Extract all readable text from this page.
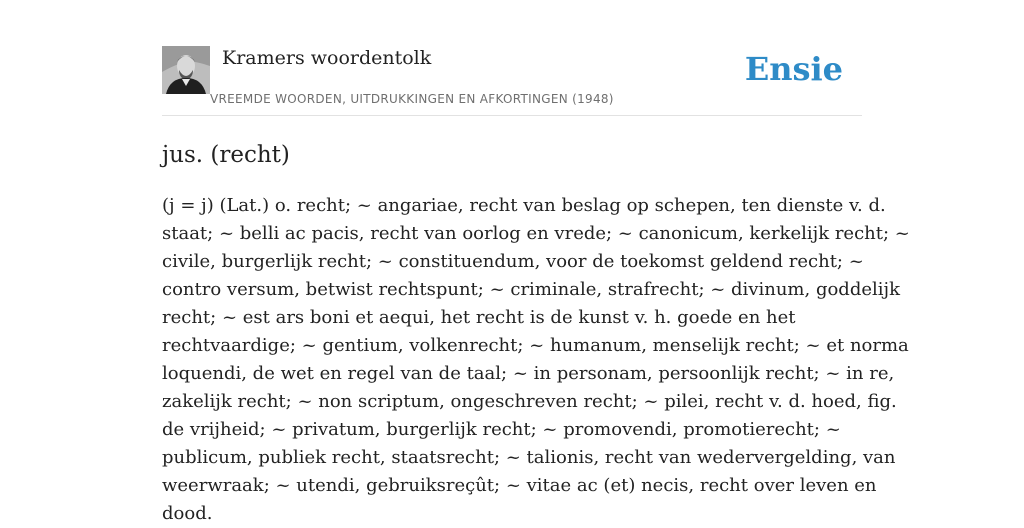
Kramers woordentolk
VREEMDE WOORDEN, UITDRUKKINGEN EN AFKORTINGEN (1948)
Ensie
jus. (recht)

(j = j) (Lat.) o. recht; ~ angariae, recht van beslag op schepen, ten dienste v. d.
staat; ~ belli ac pacis, recht van oorlog en vrede; ~ canonicum, kerkelijk recht; ~
civile, burgerlijk recht; ~ constituendum, voor de toekomst geldend recht; ~
contro versum, betwist rechtspunt; ~ criminale, strafrecht; ~ divinum, goddelijk
recht; ~ est ars boni et aequi, het recht is de kunst v. h. goede en het
rechtvaardige; ~ gentium, volkenrecht; ~ humanum, menselijk recht; ~ et norma
loquendi, de wet en regel van de taal; ~ in personam, persoonlijk recht; ~ in re,
zakelijk recht; ~ non scriptum, ongeschreven recht; ~ pilei, recht v. d. hoed, fig.
de vrijheid; ~ privatum, burgerlijk recht; ~ promovendi, promotierecht; ~
publicum, publiek recht, staatsrecht; ~ talionis, recht van wedervergelding, van
weerwraak; ~ utendi, gebruiksreçût; ~ vitae ac (et) necis, recht over leven en
dood.
